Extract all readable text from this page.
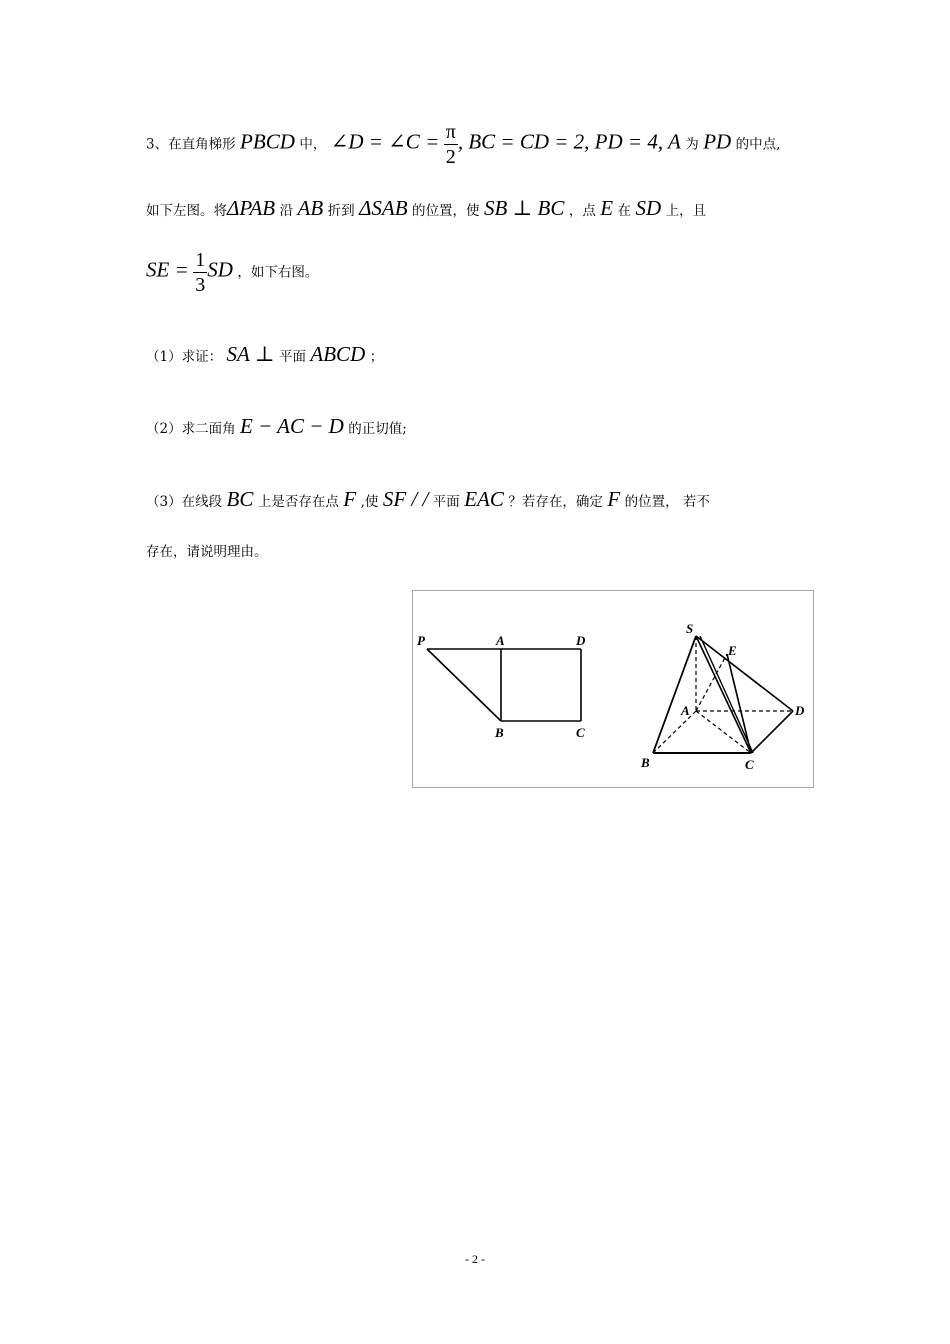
3、在直角梯形 PBCD 中， ∠D = ∠C = $\frac{\pi}{2}$ , BC = CD = 2, PD = 4, A 为 PD 的中点,
如下左图。将ΔPAB 沿 AB 折到 ΔSAB 的位置，使 SB ⊥ BC ，点 E 在 SD 上，且
SE = $\frac{1}{3}$ SD ，如下右图。
（1）求证： SA ⊥ 平面 ABCD ；
（2）求二面角 E − AC − D 的正切值;
（3）在线段 BC 上是否存在点 F ,使 SF / / 平面 EAC ？若存在，确定 F 的位置， 若不
存在，请说明理由。
P	A	D
B	C
S
E
A	D
B	C
- 2 -
